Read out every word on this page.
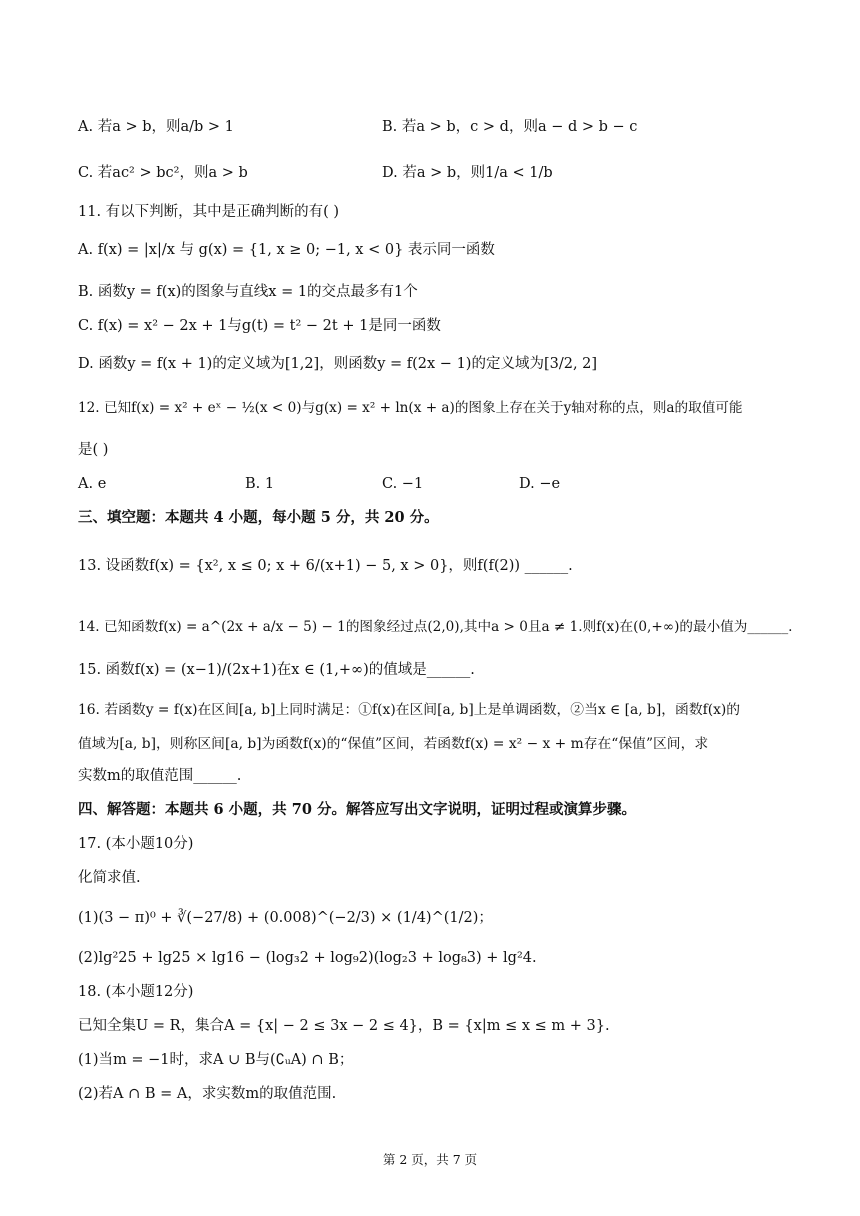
A. 若a > b，则a/b > 1	B. 若a > b，c > d，则a − d > b − c
C. 若ac² > bc²，则a > b	D. 若a > b，则1/a < 1/b
11. 有以下判断，其中是正确判断的有( )
A. f(x) = |x|/x 与 g(x) = {1, x ≥ 0; −1, x < 0} 表示同一函数
B. 函数y = f(x)的图象与直线x = 1的交点最多有1个
C. f(x) = x² − 2x + 1与g(t) = t² − 2t + 1是同一函数
D. 函数y = f(x + 1)的定义域为[1,2]，则函数y = f(2x − 1)的定义域为[3/2, 2]
12. 已知f(x) = x² + eˣ − ½(x < 0)与g(x) = x² + ln(x + a)的图象上存在关于y轴对称的点，则a的取值可能
是( )
A. e	B. 1	C. −1	D. −e
三、填空题：本题共 4 小题，每小题 5 分，共 20 分。
13. 设函数f(x) = {x², x ≤ 0; x + 6/(x+1) − 5, x > 0}，则f(f(2)) ______.
14. 已知函数f(x) = a^(2x + a/x − 5) − 1的图象经过点(2,0),其中a > 0且a ≠ 1.则f(x)在(0,+∞)的最小值为______.
15. 函数f(x) = (x−1)/(2x+1)在x ∈ (1,+∞)的值域是______.
16. 若函数y = f(x)在区间[a, b]上同时满足：①f(x)在区间[a, b]上是单调函数，②当x ∈ [a, b]，函数f(x)的
值域为[a, b]，则称区间[a, b]为函数f(x)的“保值”区间，若函数f(x) = x² − x + m存在“保值”区间，求
实数m的取值范围______.
四、解答题：本题共 6 小题，共 70 分。解答应写出文字说明，证明过程或演算步骤。
17. (本小题10分)
化简求值.
(1)(3 − π)⁰ + ∛(−27/8) + (0.008)^(−2/3) × (1/4)^(1/2)；
(2)lg²25 + lg25 × lg16 − (log₃2 + log₉2)(log₂3 + log₈3) + lg²4.
18. (本小题12分)
已知全集U = R，集合A = {x| − 2 ≤ 3x − 2 ≤ 4}，B = {x|m ≤ x ≤ m + 3}.
(1)当m = −1时，求A ∪ B与(∁ᵤA) ∩ B；
(2)若A ∩ B = A，求实数m的取值范围.
第 2 页，共 7 页
